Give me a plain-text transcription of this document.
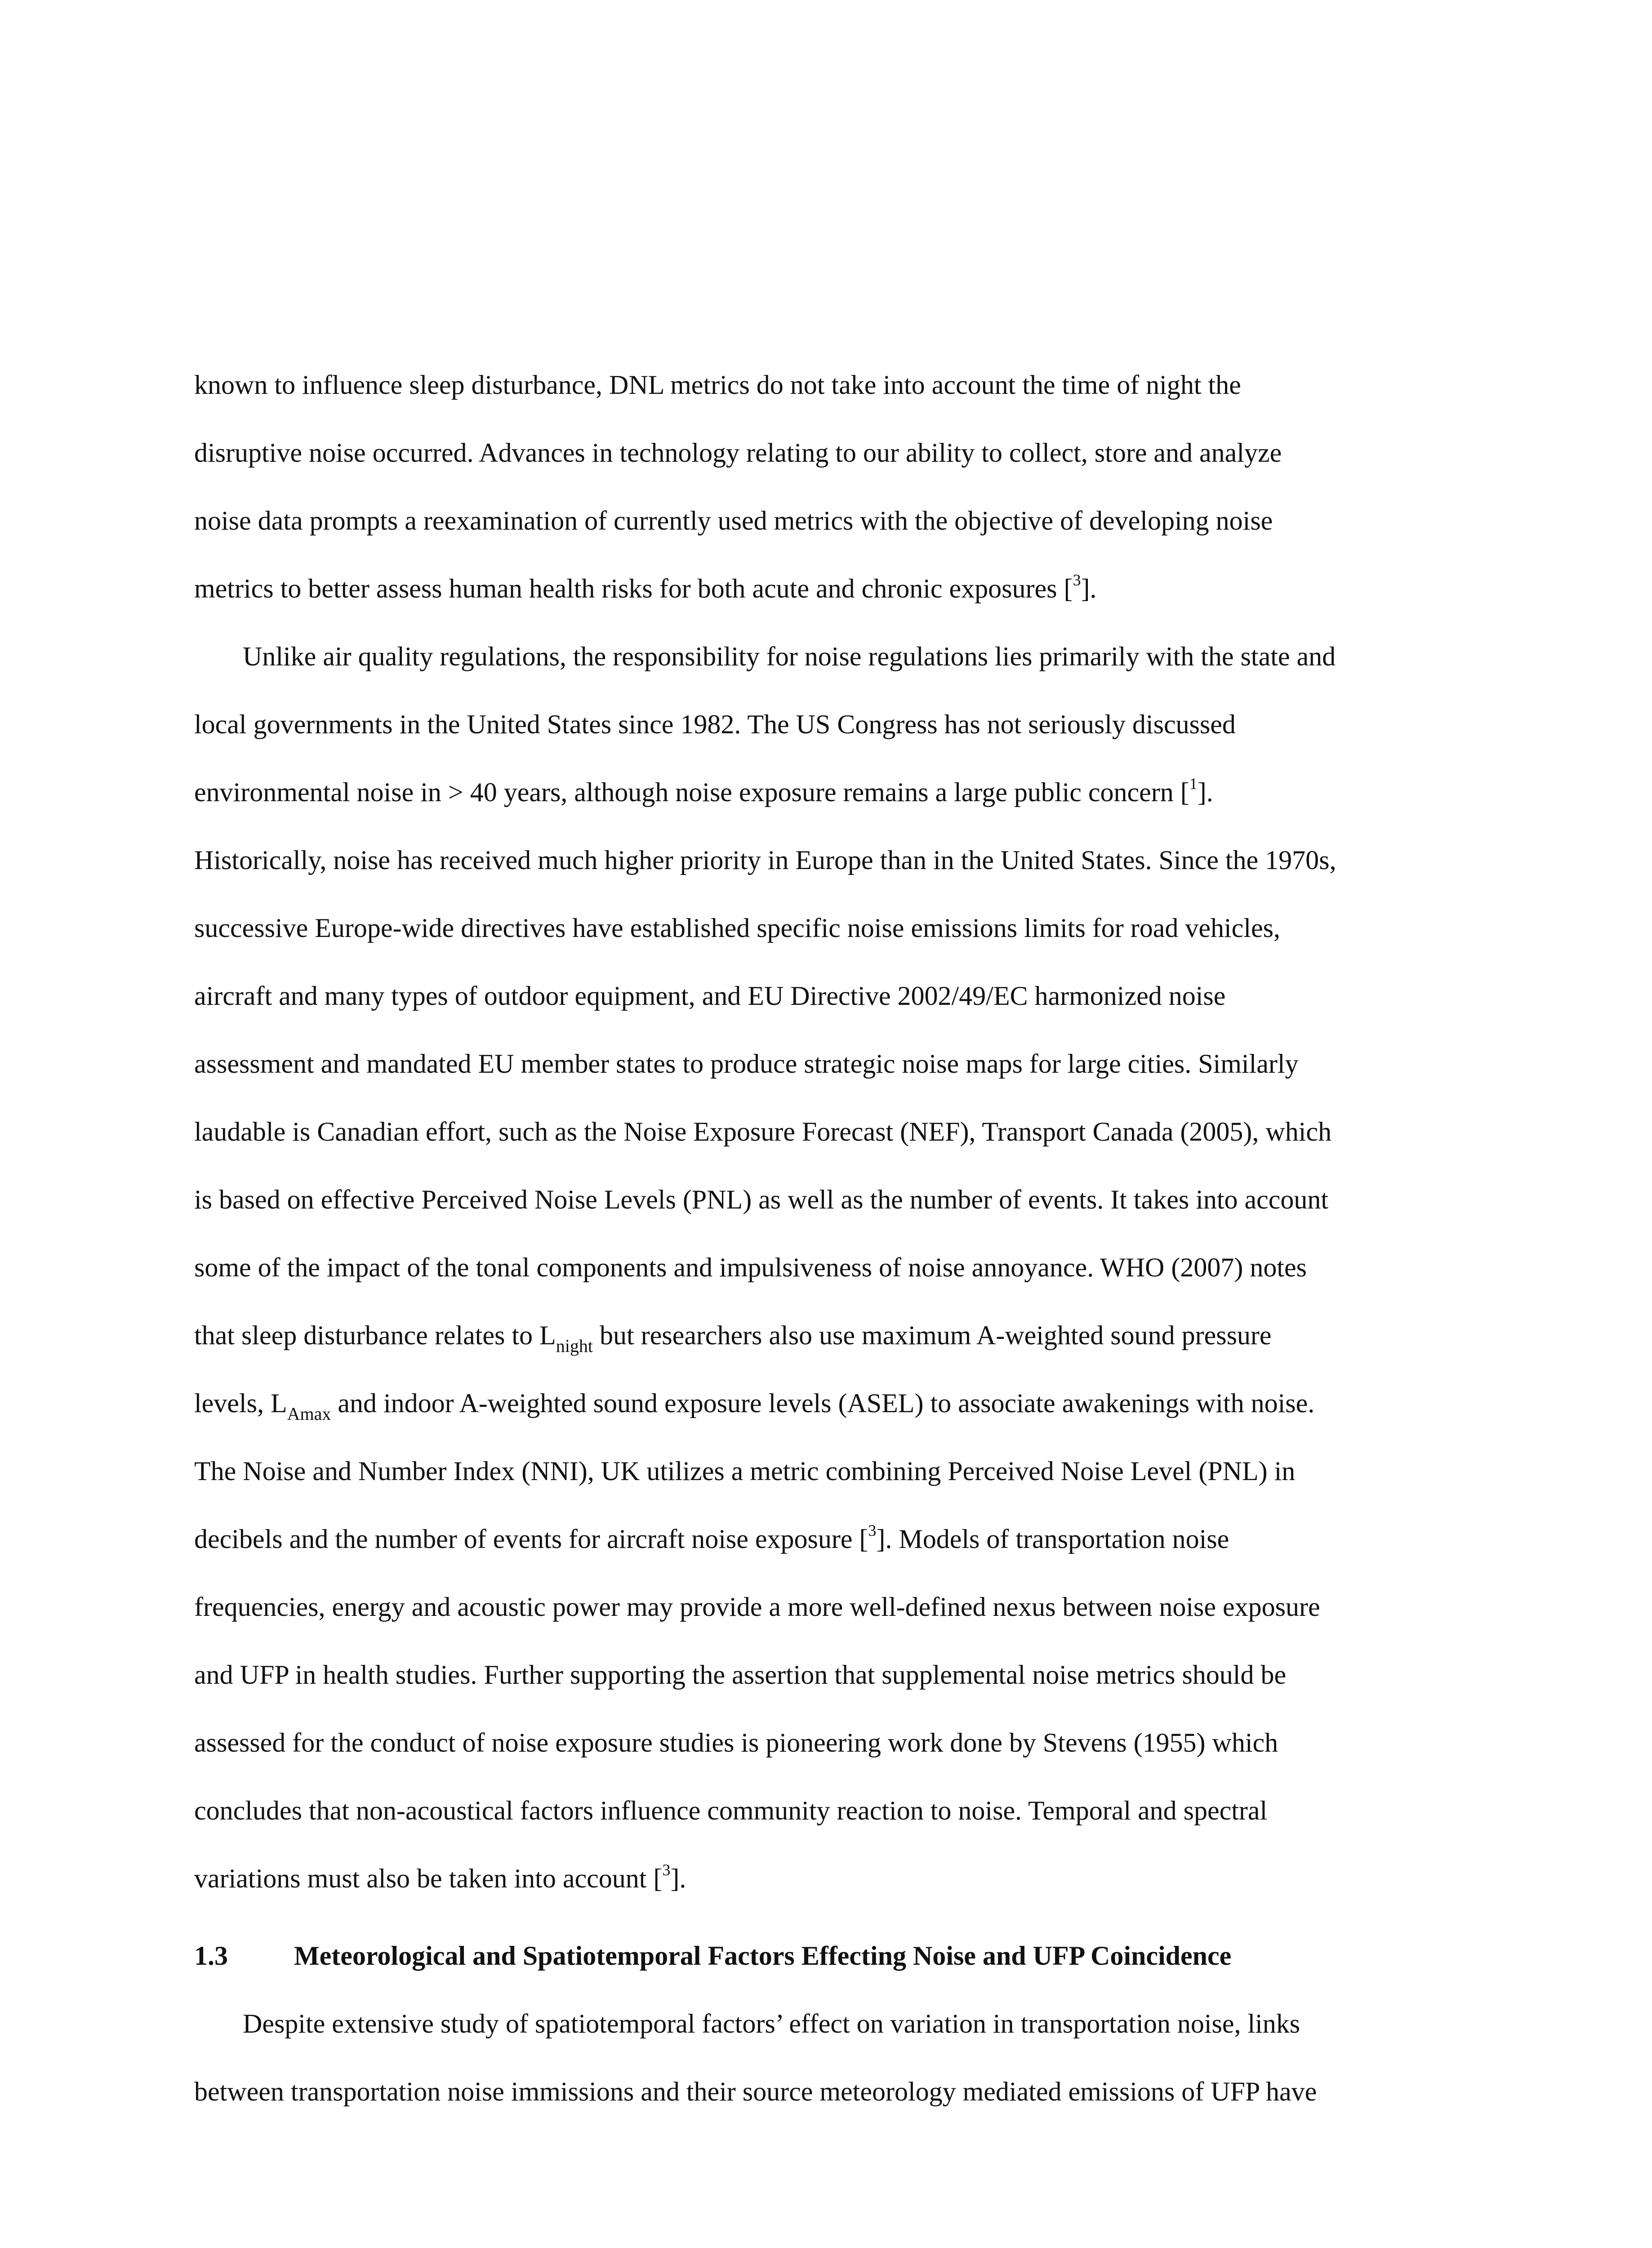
known to influence sleep disturbance, DNL metrics do not take into account the time of night the
disruptive noise occurred. Advances in technology relating to our ability to collect, store and analyze
noise data prompts a reexamination of currently used metrics with the objective of developing noise
metrics to better assess human health risks for both acute and chronic exposures [$^3$].
Unlike air quality regulations, the responsibility for noise regulations lies primarily with the state and
local governments in the United States since 1982. The US Congress has not seriously discussed
environmental noise in > 40 years, although noise exposure remains a large public concern [$^1$].
Historically, noise has received much higher priority in Europe than in the United States. Since the 1970s,
successive Europe-wide directives have established specific noise emissions limits for road vehicles,
aircraft and many types of outdoor equipment, and EU Directive 2002/49/EC harmonized noise
assessment and mandated EU member states to produce strategic noise maps for large cities. Similarly
laudable is Canadian effort, such as the Noise Exposure Forecast (NEF), Transport Canada (2005), which
is based on effective Perceived Noise Levels (PNL) as well as the number of events. It takes into account
some of the impact of the tonal components and impulsiveness of noise annoyance. WHO (2007) notes
that sleep disturbance relates to $L_{night}$ but researchers also use maximum A-weighted sound pressure
levels, $L_{Amax}$ and indoor A-weighted sound exposure levels (ASEL) to associate awakenings with noise.
The Noise and Number Index (NNI), UK utilizes a metric combining Perceived Noise Level (PNL) in
decibels and the number of events for aircraft noise exposure [$^3$]. Models of transportation noise
frequencies, energy and acoustic power may provide a more well-defined nexus between noise exposure
and UFP in health studies. Further supporting the assertion that supplemental noise metrics should be
assessed for the conduct of noise exposure studies is pioneering work done by Stevens (1955) which
concludes that non-acoustical factors influence community reaction to noise. Temporal and spectral
variations must also be taken into account [$^3$].
1.3 Meteorological and Spatiotemporal Factors Effecting Noise and UFP Coincidence
Despite extensive study of spatiotemporal factors’ effect on variation in transportation noise, links
between transportation noise immissions and their source meteorology mediated emissions of UFP have
